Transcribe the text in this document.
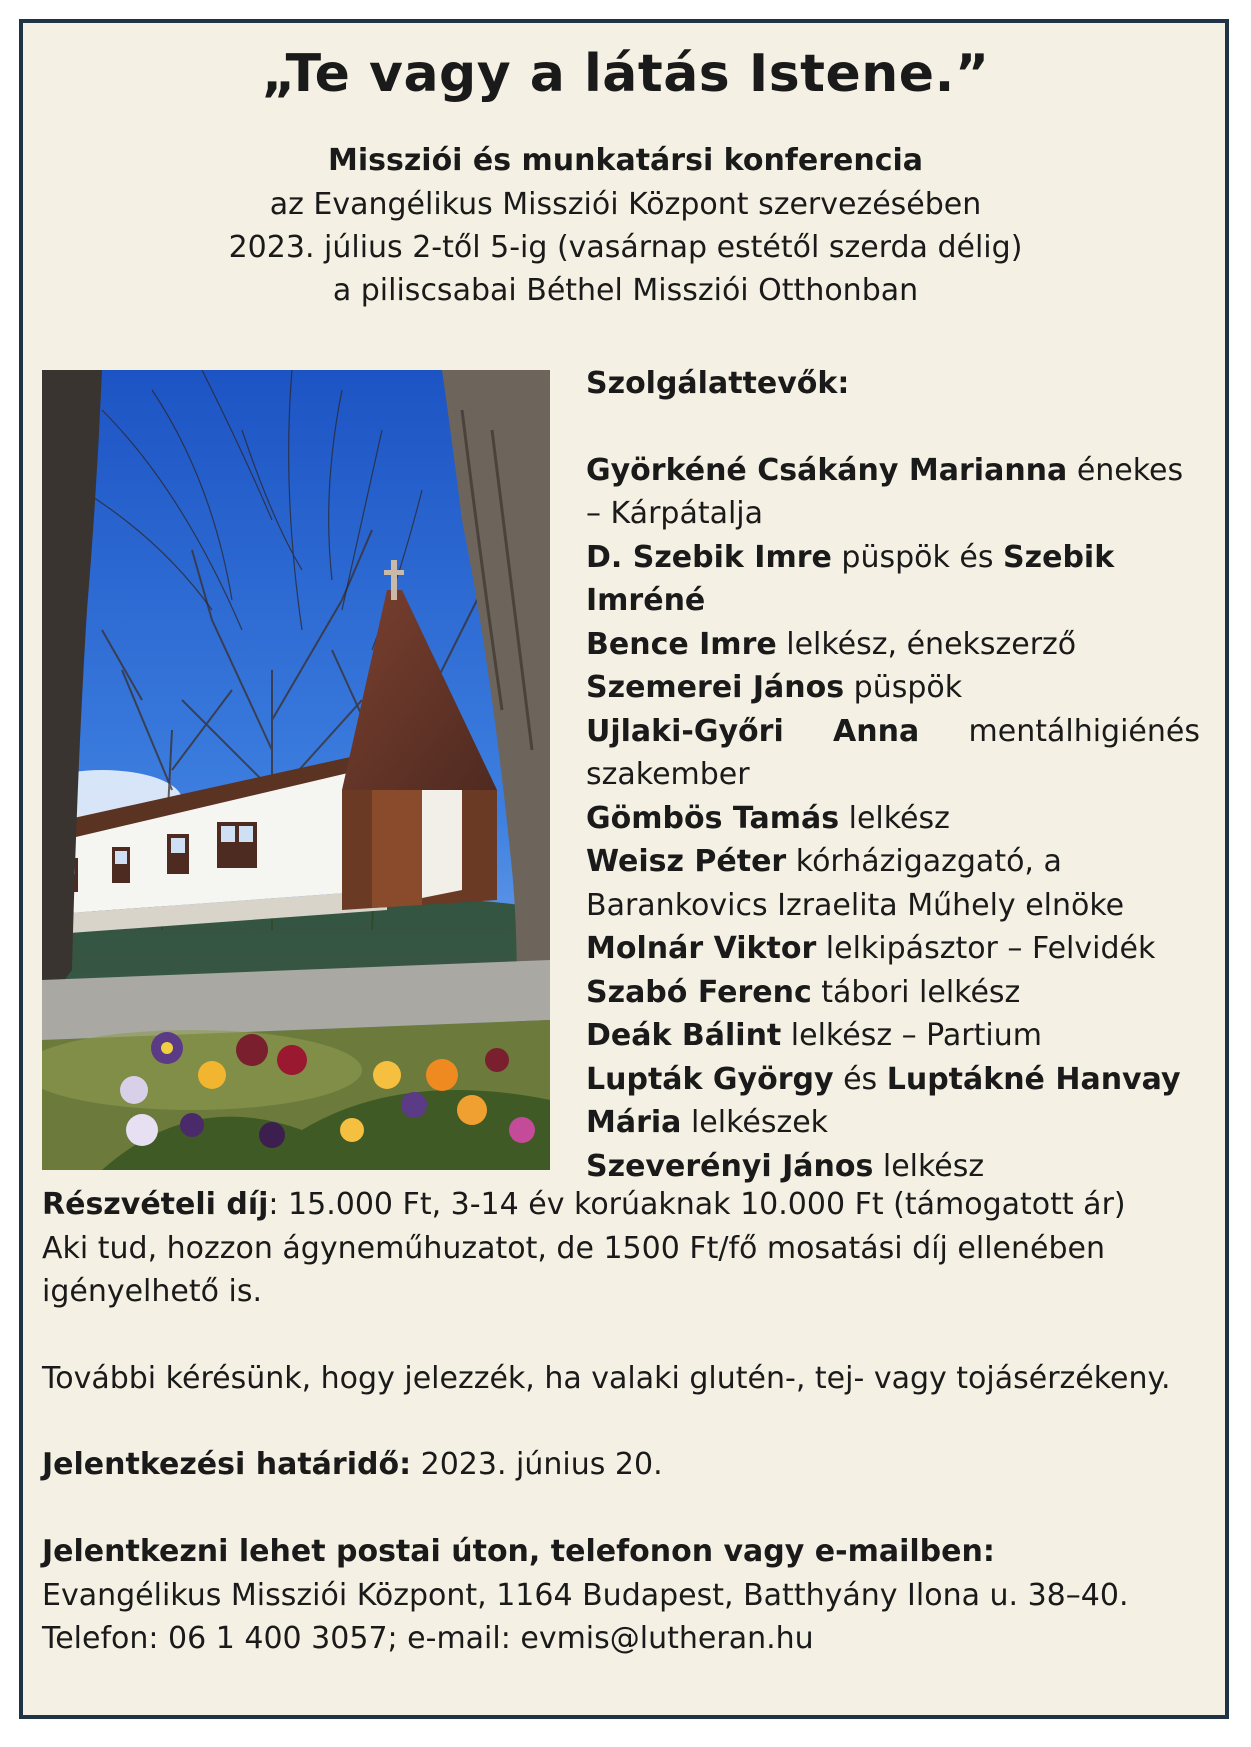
„Te vagy a látás Istene.”
Missziói és munkatársi konferencia
az Evangélikus Missziói Központ szervezésében
2023. július 2-től 5-ig (vasárnap estétől szerda délig)
a piliscsabai Béthel Missziói Otthonban
Szolgálattevők:
Györkéné Csákány Marianna énekes
– Kárpátalja
D. Szebik Imre püspök és Szebik
Imréné
Bence Imre lelkész, énekszerző
Szemerei János püspök
Ujlaki-Győri Anna mentálhigiénés
szakember
Gömbös Tamás lelkész
Weisz Péter kórházigazgató, a
Barankovics Izraelita Műhely elnöke
Molnár Viktor lelkipásztor – Felvidék
Szabó Ferenc tábori lelkész
Deák Bálint lelkész – Partium
Lupták György és Luptákné Hanvay
Mária lelkészek
Szeverényi János lelkész
Részvételi díj: 15.000 Ft, 3-14 év korúaknak 10.000 Ft (támogatott ár)
Aki tud, hozzon ágyneműhuzatot, de 1500 Ft/fő mosatási díj ellenében
igényelhető is.
További kérésünk, hogy jelezzék, ha valaki glutén-, tej- vagy tojásérzékeny.
Jelentkezési határidő: 2023. június 20.
Jelentkezni lehet postai úton, telefonon vagy e-mailben:
Evangélikus Missziói Központ, 1164 Budapest, Batthyány Ilona u. 38–40.
Telefon: 06 1 400 3057; e-mail: evmis@lutheran.hu
